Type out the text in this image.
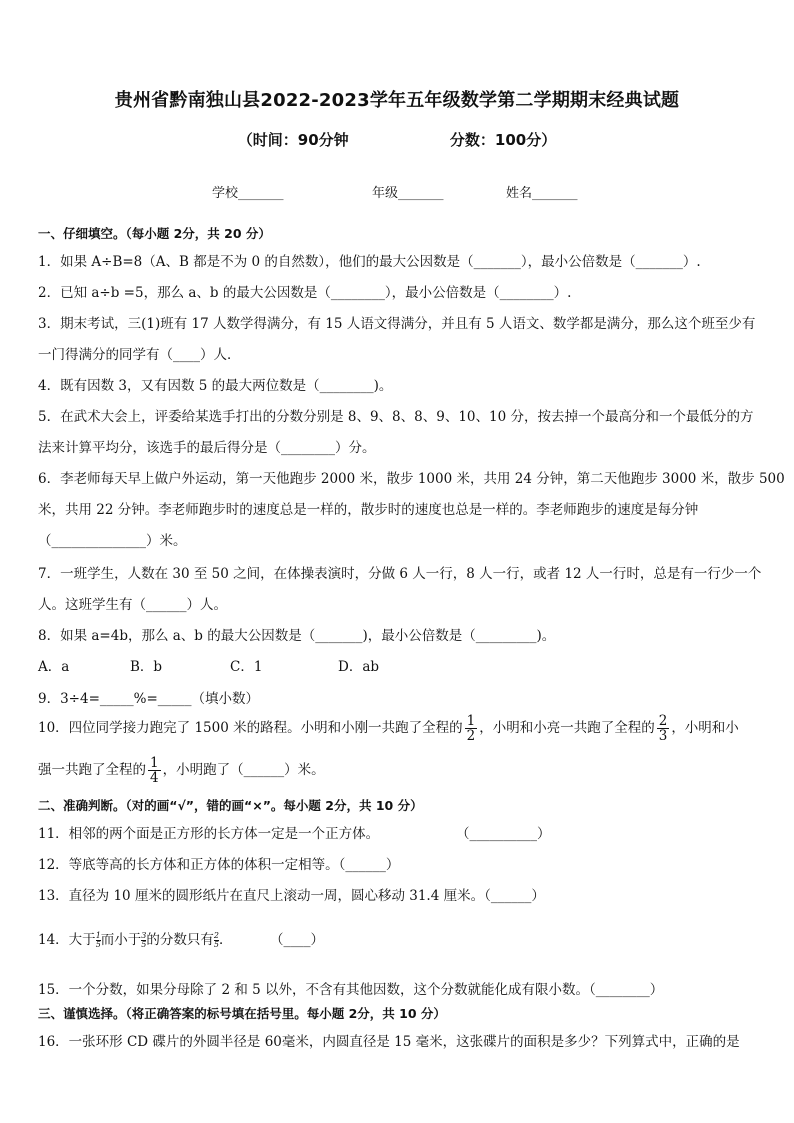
贵州省黔南独山县2022-2023学年五年级数学第二学期期末经典试题
（时间：90分钟	分数：100分）
学校_______	年级_______	姓名_______
一、仔细填空。（每小题 2分，共 20 分）
1．如果 A÷B=8（A、B 都是不为 0 的自然数），他们的最大公因数是（_______），最小公倍数是（_______）.
2．已知 a÷b =5，那么 a、b 的最大公因数是（________），最小公倍数是（________）.
3．期末考试，三(1)班有 17 人数学得满分，有 15 人语文得满分，并且有 5 人语文、数学都是满分，那么这个班至少有
一门得满分的同学有（____）人．
4．既有因数 3，又有因数 5 的最大两位数是（________)。
5．在武术大会上，评委给某选手打出的分数分别是 8、9、8、8、9、10、10 分，按去掉一个最高分和一个最低分的方
法来计算平均分，该选手的最后得分是（________）分。
6．李老师每天早上做户外运动，第一天他跑步 2000 米，散步 1000 米，共用 24 分钟，第二天他跑步 3000 米，散步 500
米，共用 22 分钟。李老师跑步时的速度总是一样的，散步时的速度也总是一样的。李老师跑步的速度是每分钟
（______________）米。
7．一班学生，人数在 30 至 50 之间，在体操表演时，分做 6 人一行，8 人一行，或者 12 人一行时，总是有一行少一个
人。这班学生有（______）人。
8．如果 a=4b，那么 a、b 的最大公因数是（_______)，最小公倍数是（_________)。
A．a	B．b	C．1	D．ab
9．3÷4=_____%=_____（填小数）
10．四位同学接力跑完了 1500 米的路程。小明和小刚一共跑了全程的 $\frac{1}{2}$ ，小明和小亮一共跑了全程的 $\frac{2}{3}$ ，小明和小
强一共跑了全程的 $\frac{1}{4}$ ，小明跑了（______）米。
二、准确判断。（对的画“√”，错的画“×”。每小题 2分，共 10 分）
11．相邻的两个面是正方形的长方体一定是一个正方体。	（__________）
12．等底等高的长方体和正方体的体积一定相等。（______）
13．直径为 10 厘米的圆形纸片在直尺上滚动一周，圆心移动 31.4 厘米。（______）
14．大于 $\frac{1}{5}$ 而小于 $\frac{3}{5}$ 的分数只有 $\frac{2}{5}$ ．	（____）
15．一个分数，如果分母除了 2 和 5 以外，不含有其他因数，这个分数就能化成有限小数。（________）
三、谨慎选择。（将正确答案的标号填在括号里。每小题 2分，共 10 分）
16．一张环形 CD 碟片的外圆半径是 60毫米，内圆直径是 15 毫米，这张碟片的面积是多少？下列算式中，正确的是
